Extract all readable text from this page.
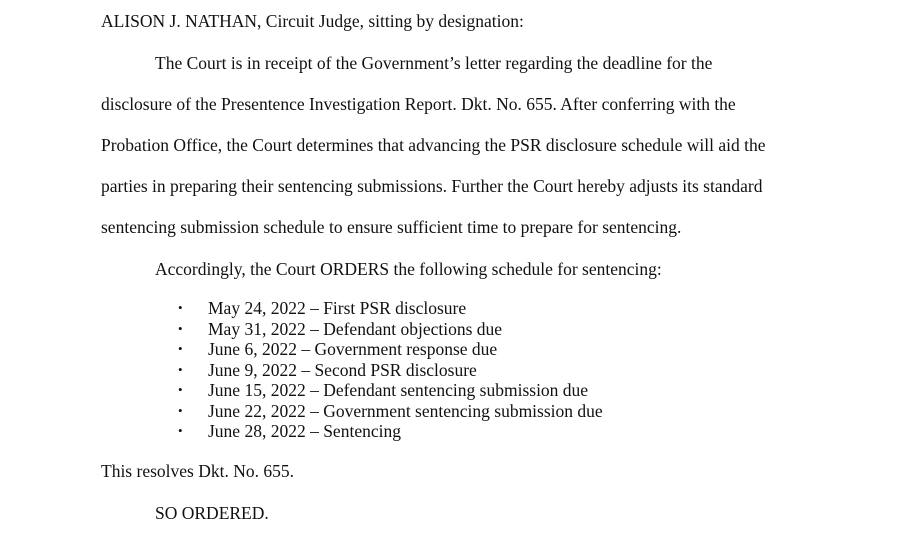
ALISON J. NATHAN, Circuit Judge, sitting by designation:
The Court is in receipt of the Government’s letter regarding the deadline for the
disclosure of the Presentence Investigation Report. Dkt. No. 655. After conferring with the
Probation Office, the Court determines that advancing the PSR disclosure schedule will aid the
parties in preparing their sentencing submissions. Further the Court hereby adjusts its standard
sentencing submission schedule to ensure sufficient time to prepare for sentencing.
Accordingly, the Court ORDERS the following schedule for sentencing:
•	May 24, 2022 – First PSR disclosure
•	May 31, 2022 – Defendant objections due
•	June 6, 2022 – Government response due
•	June 9, 2022 – Second PSR disclosure
•	June 15, 2022 – Defendant sentencing submission due
•	June 22, 2022 – Government sentencing submission due
•	June 28, 2022 – Sentencing
This resolves Dkt. No. 655.
SO ORDERED.
